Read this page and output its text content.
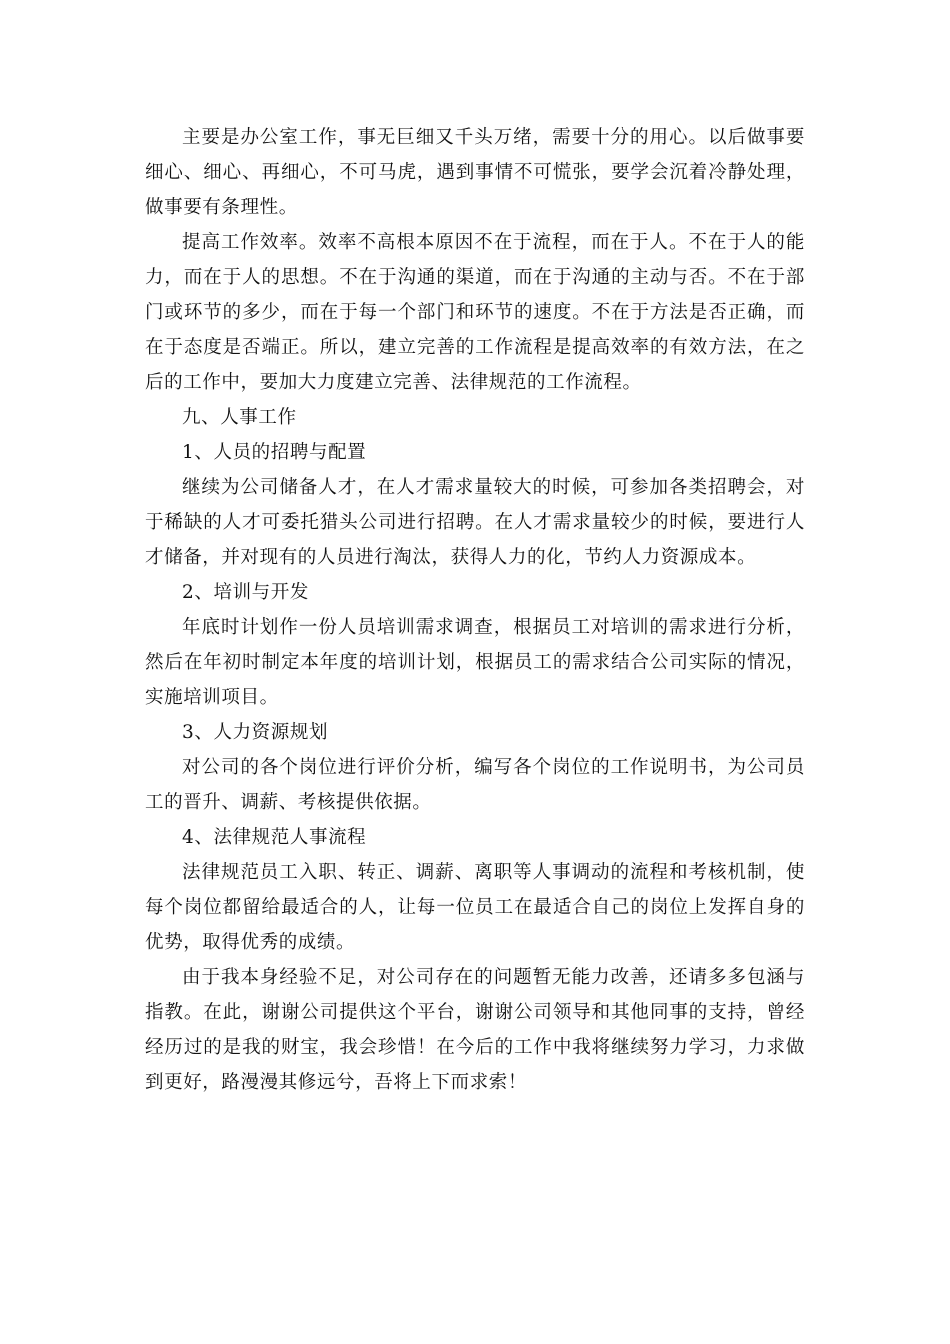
主要是办公室工作，事无巨细又千头万绪，需要十分的用心。以后做事要细心、细心、再细心，不可马虎，遇到事情不可慌张，要学会沉着冷静处理，做事要有条理性。

提高工作效率。效率不高根本原因不在于流程，而在于人。不在于人的能力，而在于人的思想。不在于沟通的渠道，而在于沟通的主动与否。不在于部门或环节的多少，而在于每一个部门和环节的速度。不在于方法是否正确，而在于态度是否端正。所以，建立完善的工作流程是提高效率的有效方法，在之后的工作中，要加大力度建立完善、法律规范的工作流程。

九、人事工作

1、人员的招聘与配置

继续为公司储备人才，在人才需求量较大的时候，可参加各类招聘会，对于稀缺的人才可委托猎头公司进行招聘。在人才需求量较少的时候，要进行人才储备，并对现有的人员进行淘汰，获得人力的化，节约人力资源成本。

2、培训与开发

年底时计划作一份人员培训需求调查，根据员工对培训的需求进行分析，然后在年初时制定本年度的培训计划，根据员工的需求结合公司实际的情况，实施培训项目。

3、人力资源规划

对公司的各个岗位进行评价分析，编写各个岗位的工作说明书，为公司员工的晋升、调薪、考核提供依据。

4、法律规范人事流程

法律规范员工入职、转正、调薪、离职等人事调动的流程和考核机制，使每个岗位都留给最适合的人，让每一位员工在最适合自己的岗位上发挥自身的优势，取得优秀的成绩。

由于我本身经验不足，对公司存在的问题暂无能力改善，还请多多包涵与指教。在此，谢谢公司提供这个平台，谢谢公司领导和其他同事的支持，曾经经历过的是我的财宝，我会珍惜！在今后的工作中我将继续努力学习，力求做到更好，路漫漫其修远兮，吾将上下而求索！
